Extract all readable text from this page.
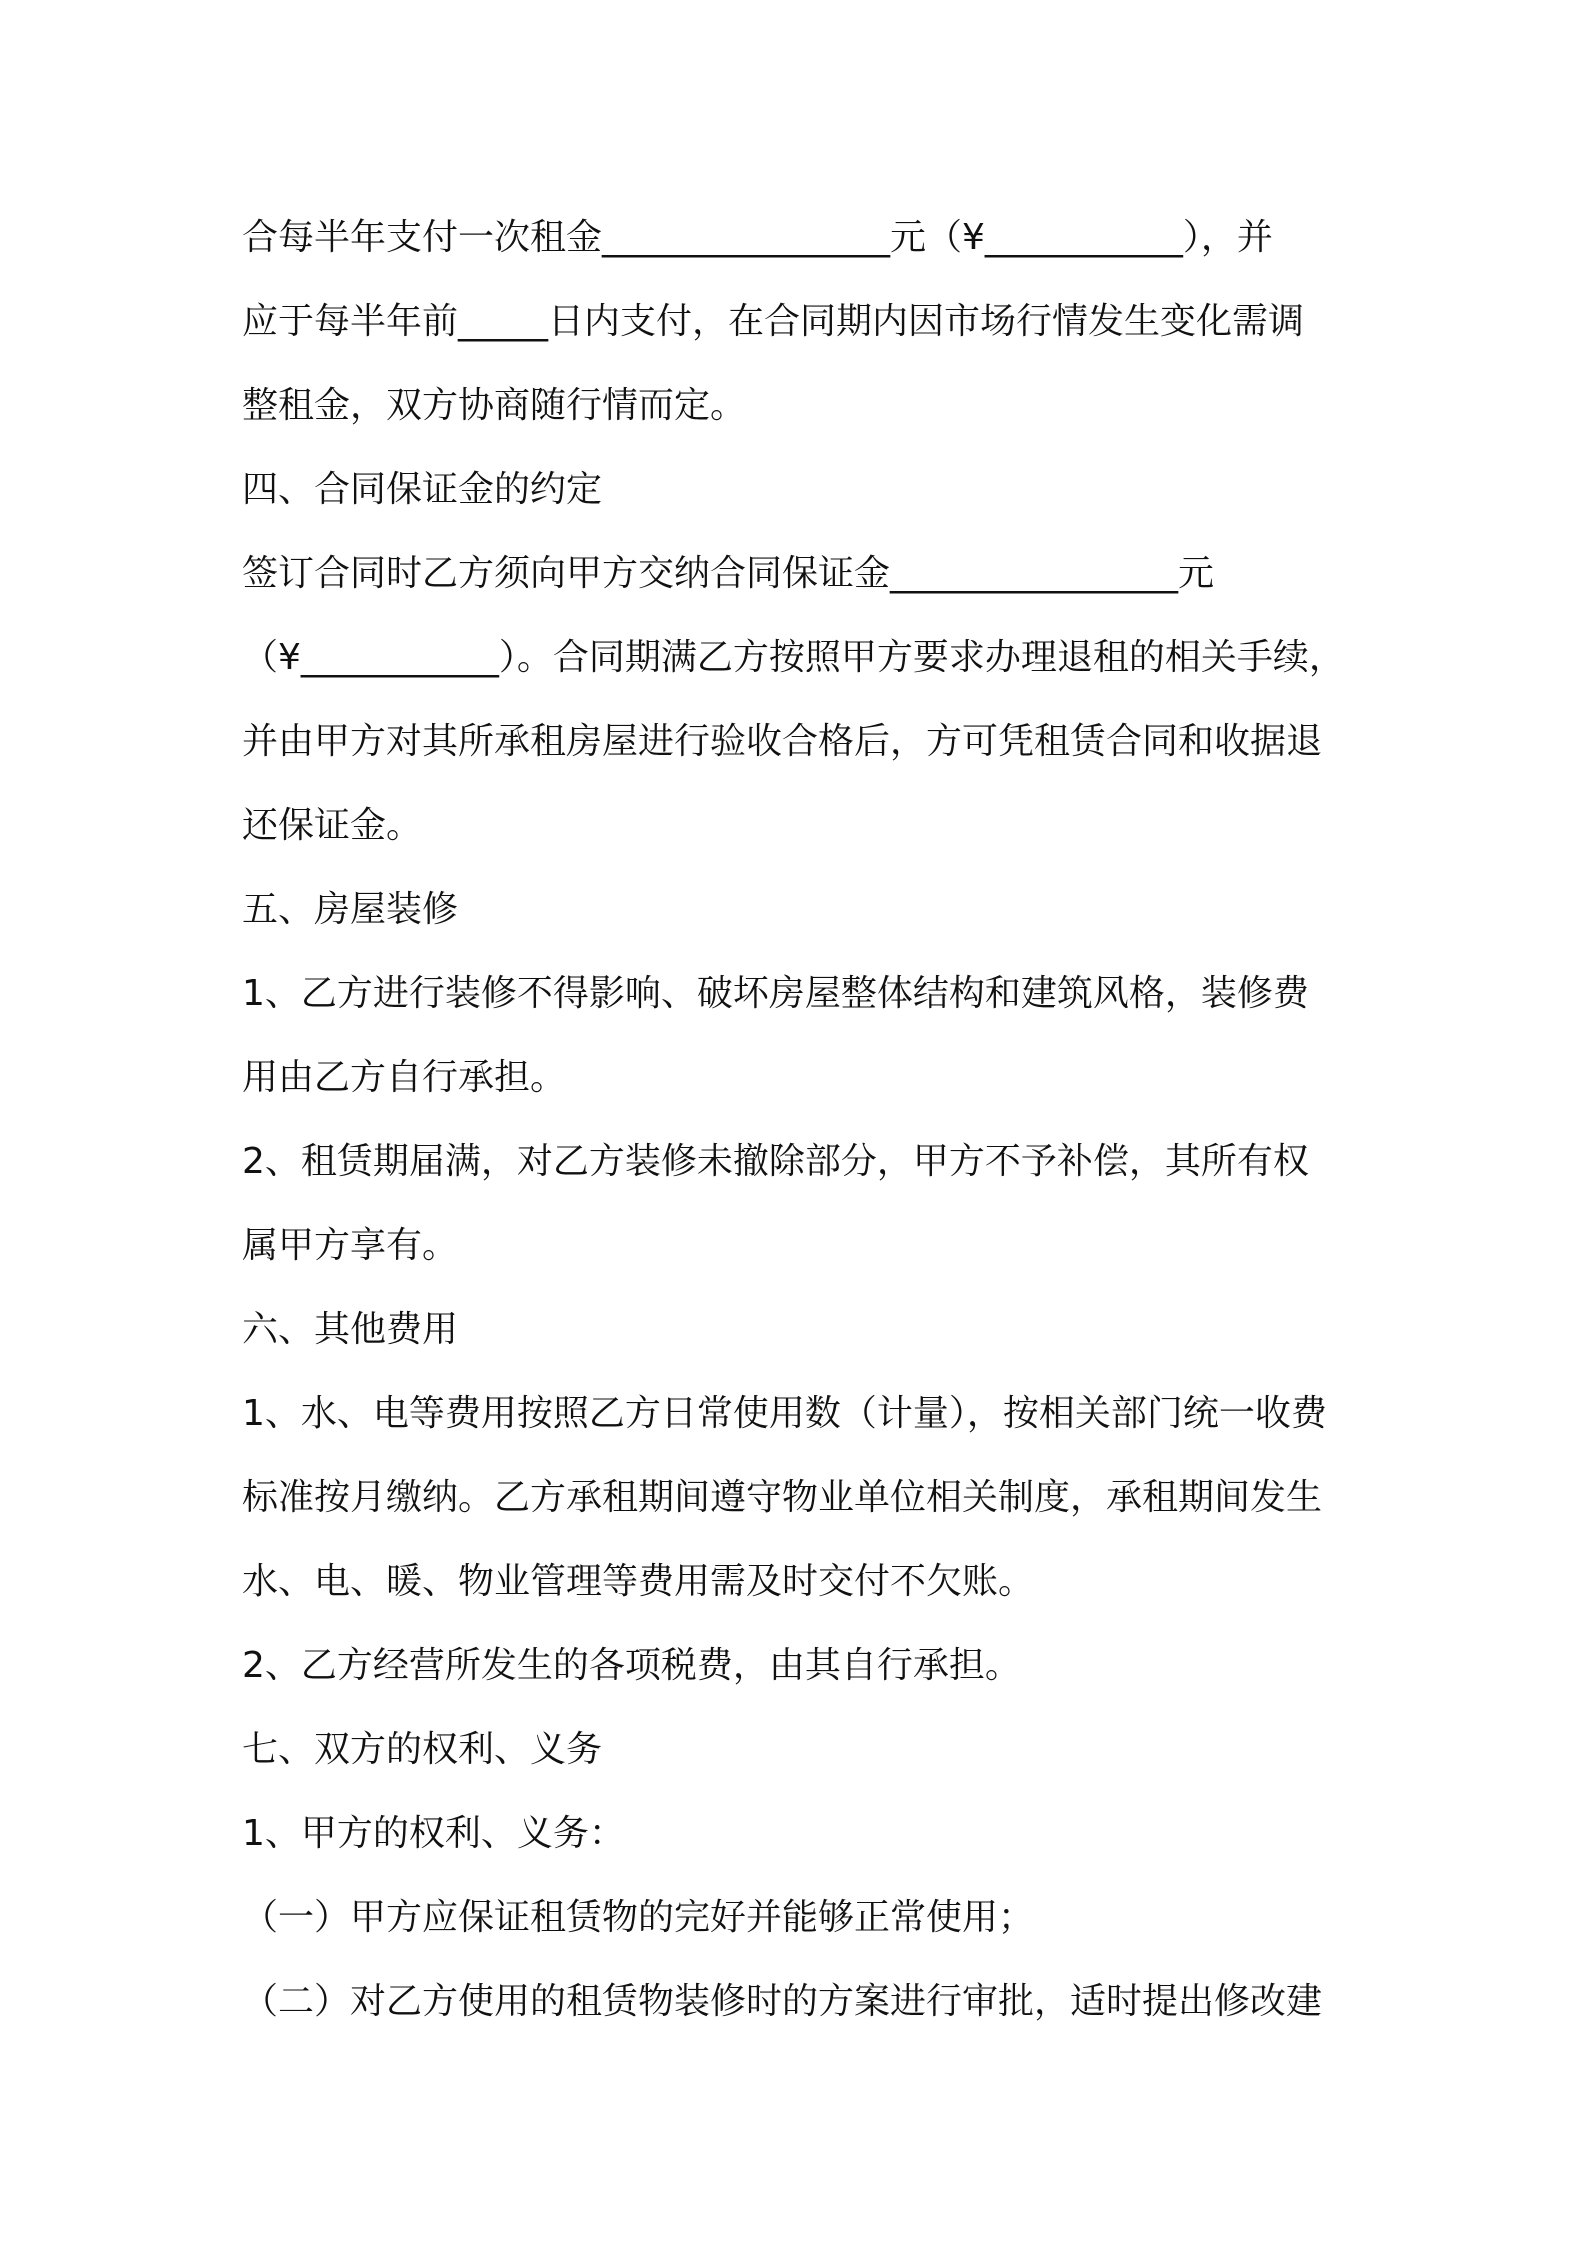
合每半年支付一次租金________________元（¥___________），并
应于每半年前_____日内支付，在合同期内因市场行情发生变化需调
整租金，双方协商随行情而定。
四、合同保证金的约定
签订合同时乙方须向甲方交纳合同保证金________________元
（¥___________）。合同期满乙方按照甲方要求办理退租的相关手续，
并由甲方对其所承租房屋进行验收合格后，方可凭租赁合同和收据退
还保证金。
五、房屋装修
1、乙方进行装修不得影响、破坏房屋整体结构和建筑风格，装修费
用由乙方自行承担。
2、租赁期届满，对乙方装修未撤除部分，甲方不予补偿，其所有权
属甲方享有。
六、其他费用
1、水、电等费用按照乙方日常使用数（计量），按相关部门统一收费
标准按月缴纳。乙方承租期间遵守物业单位相关制度，承租期间发生
水、电、暖、物业管理等费用需及时交付不欠账。
2、乙方经营所发生的各项税费，由其自行承担。
七、双方的权利、义务
1、甲方的权利、义务：
（一）甲方应保证租赁物的完好并能够正常使用；
（二）对乙方使用的租赁物装修时的方案进行审批，适时提出修改建
